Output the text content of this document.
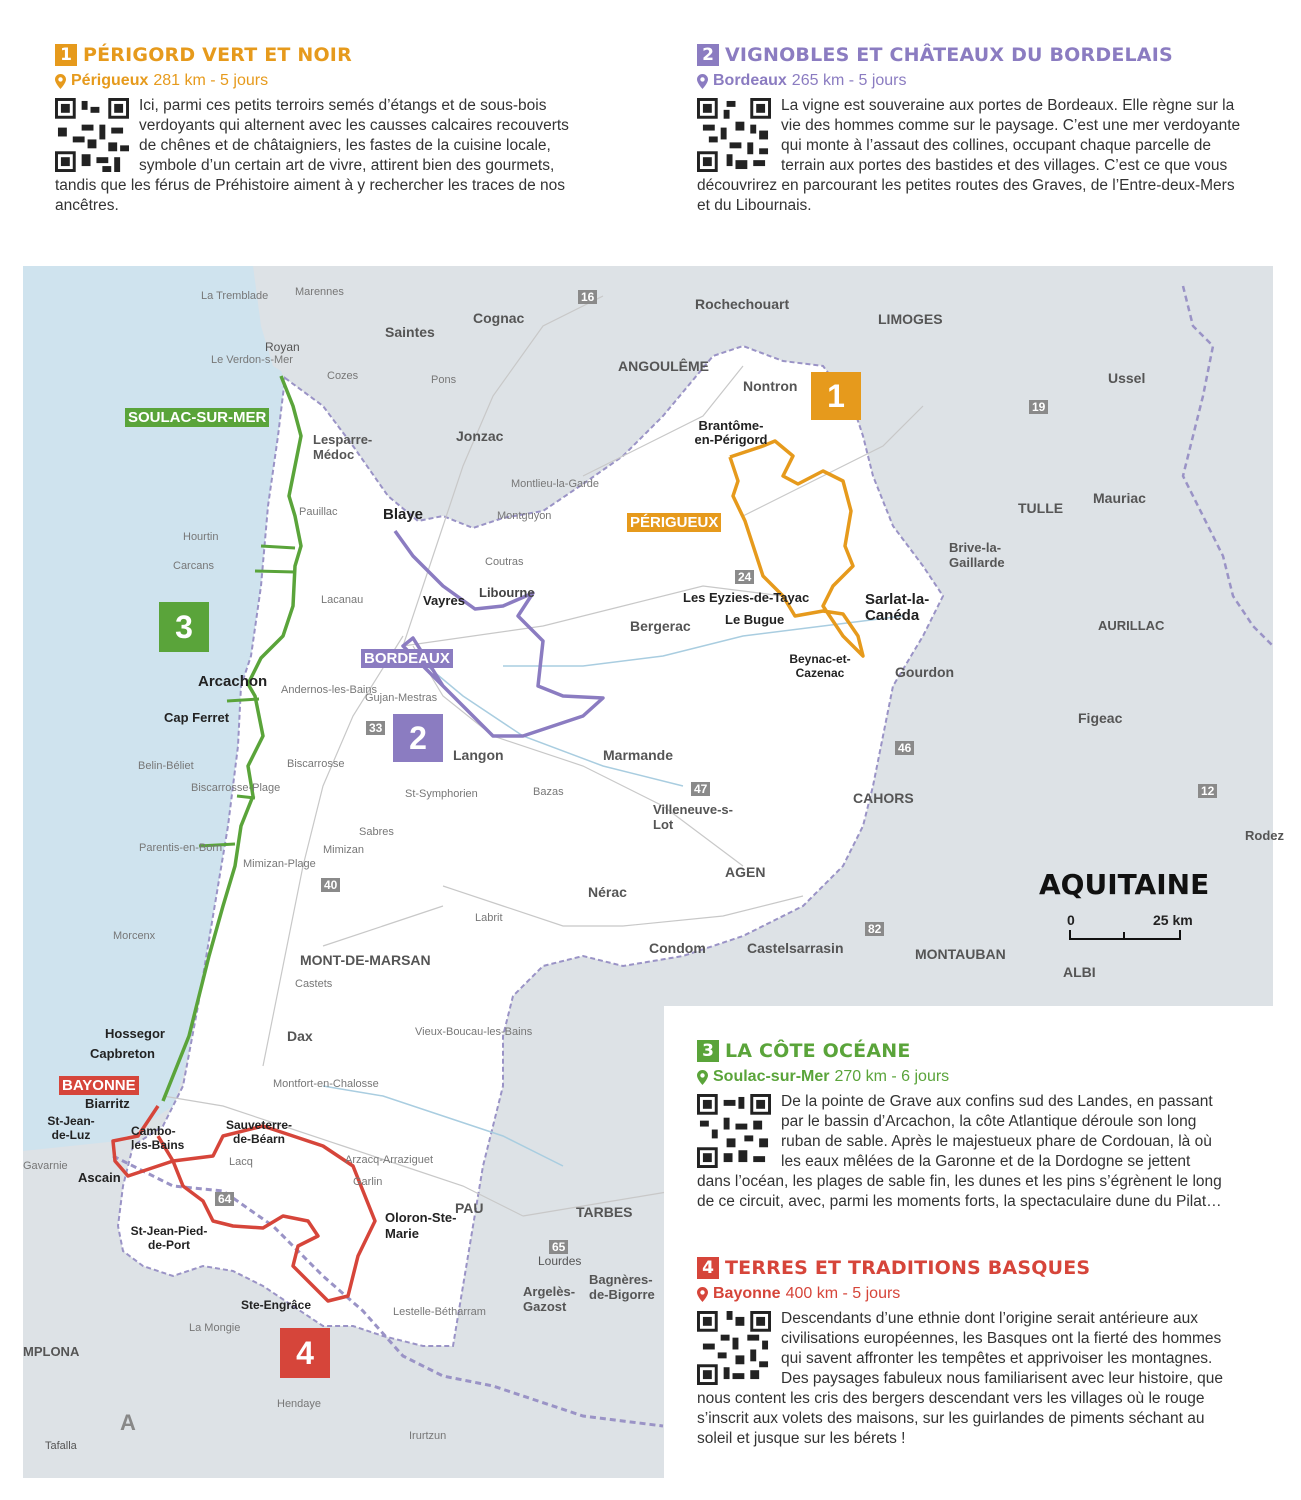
1 PÉRIGORD VERT ET NOIR
Périgueux 281 km - 5 jours
Ici, parmi ces petits terroirs semés d’étangs et de sous-bois verdoyants qui alternent avec les causses calcaires recouverts de chênes et de châtaigniers, les fastes de la cuisine locale, symbole d’un certain art de vivre, attirent bien des gourmets, tandis que les férus de Préhistoire aiment à y rechercher les traces de nos ancêtres.
2 VIGNOBLES ET CHÂTEAUX DU BORDELAIS
Bordeaux 265 km - 5 jours
La vigne est souveraine aux portes de Bordeaux. Elle règne sur la vie des hommes comme sur le paysage. C’est une mer verdoyante qui monte à l’assaut des collines, occupant chaque parcelle de terrain aux portes des bastides et des villages. C’est ce que vous découvrirez en parcourant les petites routes des Graves, de l’Entre-deux-Mers et du Libournais.
LIMOGES
ANGOULÊME
TULLE
AURILLAC
CAHORS
AGEN
MONTAUBAN
ALBI
PAU	TARBES
MONT-DE-MARSAN
Cognac
Saintes
Royan
Rochechouart
Nontron	Ussel
Brive-la-Gaillarde
Mauriac
Figeac
Gourdon
Bergerac
Marmande
Langon
Villeneuve-s-Lot
Nérac
Condom	Castelsarrasin
Dax
Jonzac
Lesparre-Médoc
Rodez
Argelès-Gazost
Bagnères-de-Bigorre
Lourdes
Tafalla
MPLONA
La Tremblade Marennes
Le Verdon-s-Mer
Cozes	Pons
Montlieu-la-Garde
Montguyon
Coutras
Pauillac
Hourtin
Carcans
Lacanau
Andernos-les-Bains
Gujan-Mestras
Belin-Béliet
Biscarrosse-Plage
Biscarrosse
Parentis-en-Born
Mimizan-Plage
Mimizan
Sabres
St-Symphorien	Bazas
Labrit
Morcenx
Castets
Vieux-Boucau-les-Bains
Montfort-en-Chalosse
Arzacq-Arraziguet
Garlin
Lacq
Lestelle-Bétharram
Gavarnie
La Mongie
Hendaye
Irurtzun
PÉRIGUEUX
BORDEAUX
SOULAC-SUR-MER
BAYONNE
Brantôme-en-Périgord
Les Eyzies-de-Tayac
Le Bugue
Sarlat-la-Canéda
Beynac-et-Cazenac
Blaye
Vayres
Libourne
Arcachon
Cap Ferret
Hossegor
Capbreton
Biarritz
St-Jean-de-Luz	Cambo-les-Bains
Ascain
Sauveterre-de-Béarn
Oloron-Ste-Marie
St-Jean-Pied-de-Port
Ste-Engrâce
1
2
3
4
16
19
24
33
40
46
47
64
65
82
12
A
AQUITAINE
0	25 km
3 LA CÔTE OCÉANE
Soulac-sur-Mer 270 km - 6 jours
De la pointe de Grave aux confins sud des Landes, en passant par le bassin d’Arcachon, la côte Atlantique déroule son long ruban de sable. Après le majestueux phare de Cordouan, là où les eaux mêlées de la Garonne et de la Dordogne se jettent dans l’océan, les plages de sable fin, les dunes et les pins s’égrènent le long de ce circuit, avec, parmi les moments forts, la spectaculaire dune du Pilat…
4 TERRES ET TRADITIONS BASQUES
Bayonne 400 km - 5 jours
Descendants d’une ethnie dont l’origine serait antérieure aux civilisations européennes, les Basques ont la fierté des hommes qui savent affronter les tempêtes et apprivoiser les montagnes. Des paysages fabuleux nous familiarisent avec leur histoire, que nous content les cris des bergers descendant vers les villages où le rouge s’inscrit aux volets des maisons, sur les guirlandes de piments séchant au soleil et jusque sur les bérets !
